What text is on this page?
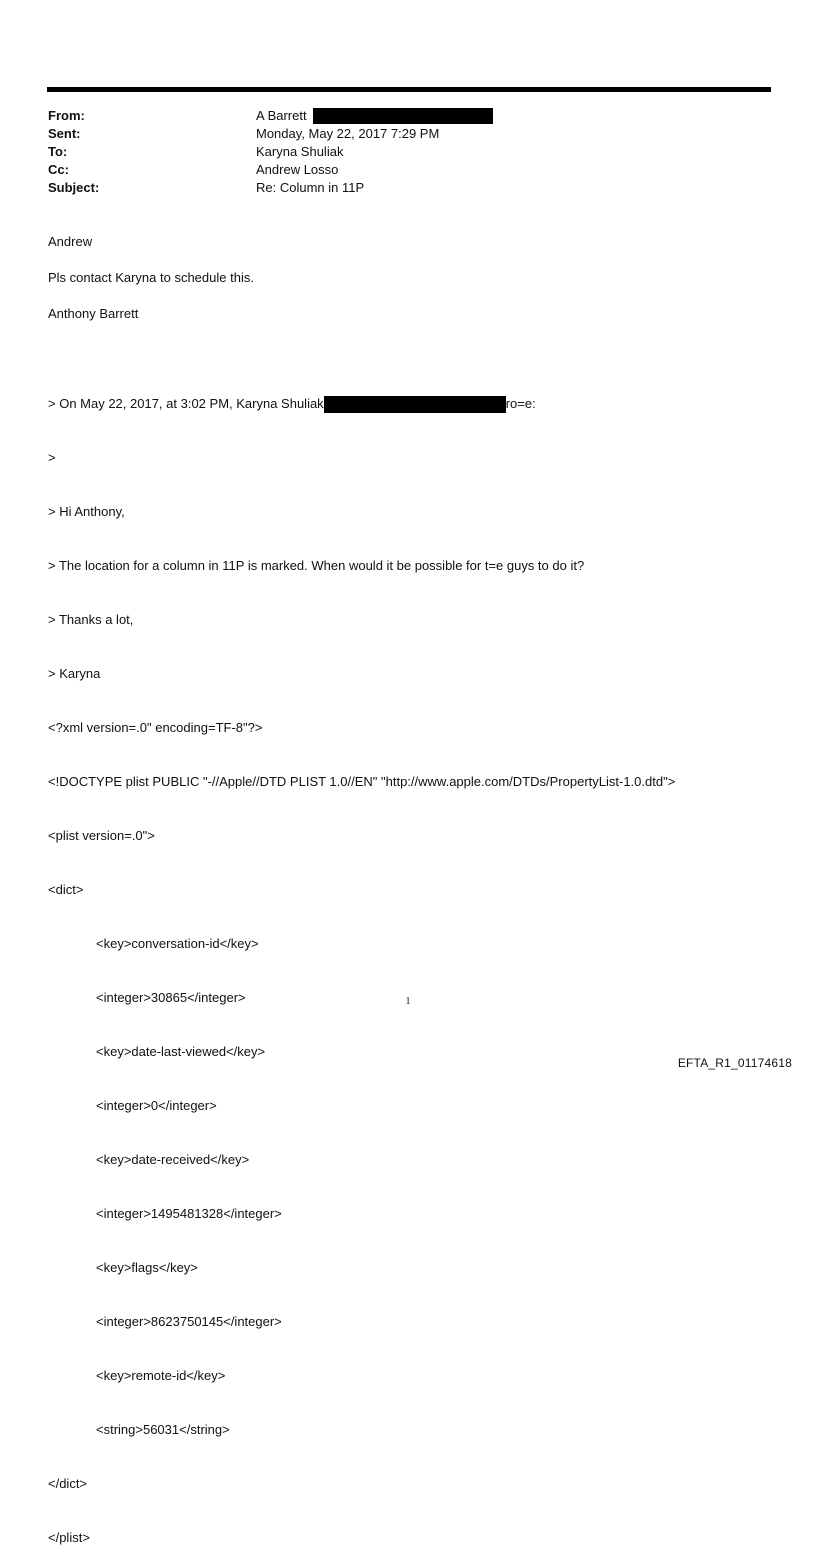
From:	A Barrett
Sent:	Monday, May 22, 2017 7:29 PM
To:	Karyna Shuliak
Cc:	Andrew Losso
Subject:	Re: Column in 11P
Andrew
Pls contact Karyna to schedule this.
Anthony Barrett

> On May 22, 2017, at 3:02 PM, Karyna Shuliak	ro=e:

>

> Hi Anthony,

> The location for a column in 11P is marked. When would it be possible for t=e guys to do it?

> Thanks a lot,

> Karyna

<?xml version=.0" encoding=TF-8"?>

<!DOCTYPE plist PUBLIC "-//Apple//DTD PLIST 1.0//EN" "http://www.apple.com/DTDs/PropertyList-1.0.dtd">

<plist version=.0">

<dict>

<key>conversation-id</key>

<integer>30865</integer>

<key>date-last-viewed</key>

<integer>0</integer>

<key>date-received</key>

<integer>1495481328</integer>

<key>flags</key>

<integer>8623750145</integer>

<key>remote-id</key>

<string>56031</string>

</dict>

</plist>

1
EFTA_R1_01174618
